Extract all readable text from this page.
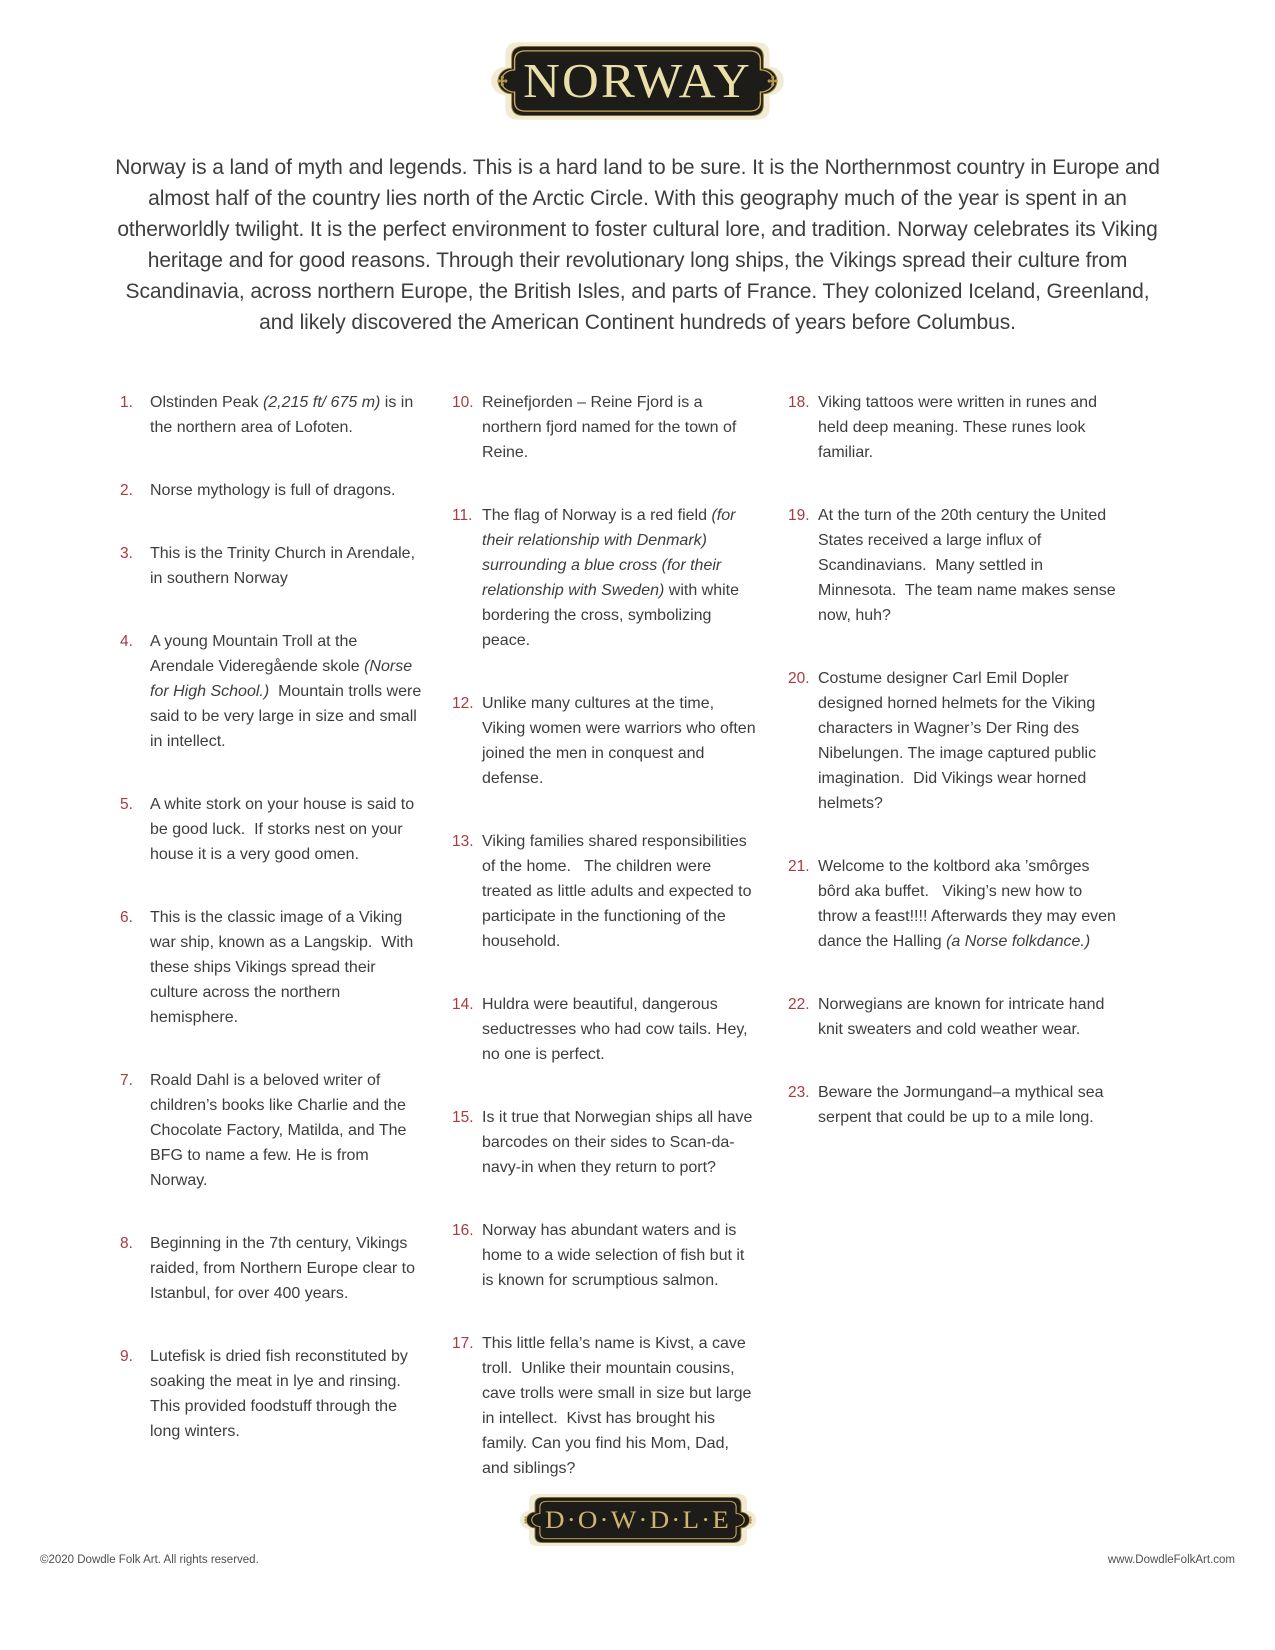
NORWAY

Norway is a land of myth and legends. This is a hard land to be sure. It is the Northernmost country in Europe and almost half of the country lies north of the Arctic Circle. With this geography much of the year is spent in an otherworldly twilight. It is the perfect environment to foster cultural lore, and tradition. Norway celebrates its Viking heritage and for good reasons. Through their revolutionary long ships, the Vikings spread their culture from Scandinavia, across northern Europe, the British Isles, and parts of France. They colonized Iceland, Greenland, and likely discovered the American Continent hundreds of years before Columbus.

1.	Olstinden Peak (2,215 ft/ 675 m) is in the northern area of Lofoten.
2.	Norse mythology is full of dragons.
3.	This is the Trinity Church in Arendale, in southern Norway
4.	A young Mountain Troll at the  Arendale Videregående skole (Norse for High School.)  Mountain trolls were said to be very large in size and small in intellect.
5.	A white stork on your house is said to be good luck.  If storks nest on your house it is a very good omen.
6.	This is the classic image of a Viking war ship, known as a Langskip.  With these ships Vikings spread their culture across the northern hemisphere.
7.	Roald Dahl is a beloved writer of children’s books like Charlie and the Chocolate Factory, Matilda, and The BFG to name a few. He is from Norway.
8.	Beginning in the 7th century, Vikings raided, from Northern Europe clear to Istanbul, for over 400 years.
9.	Lutefisk is dried fish reconstituted by soaking the meat in lye and rinsing.  This provided foodstuff through the long winters.
10. Reinefjorden – Reine Fjord is a northern fjord named for the town of Reine.
11. The flag of Norway is a red field (for their relationship with Denmark) surrounding a blue cross (for their relationship with Sweden) with white bordering the cross, symbolizing peace.
12. Unlike many cultures at the time, Viking women were warriors who often joined the men in conquest and defense.
13. Viking families shared responsibilities of the home.   The children were treated as little adults and expected to participate in the functioning of the household.
14. Huldra were beautiful, dangerous seductresses who had cow tails. Hey, no one is perfect.
15. Is it true that Norwegian ships all have barcodes on their sides to Scan-da-navy-in when they return to port?
16. Norway has abundant waters and is home to a wide selection of fish but it is known for scrumptious salmon.
17. This little fella’s name is Kivst, a cave troll.  Unlike their mountain cousins, cave trolls were small in size but large in intellect.  Kivst has brought his family. Can you find his Mom, Dad, and siblings?
18. Viking tattoos were written in runes and held deep meaning. These runes look familiar.
19. At the turn of the 20th century the United States received a large influx of Scandinavians.  Many settled in Minnesota.  The team name makes sense now, huh?
20. Costume designer Carl Emil Dopler designed horned helmets for the Viking characters in Wagner’s Der Ring des Nibelungen. The image captured public imagination.  Did Vikings wear horned helmets?
21. Welcome to the koltbord aka ’smôrges bôrd aka buffet.   Viking’s new how to throw a feast!!!! Afterwards they may even dance the Halling (a Norse folkdance.)
22. Norwegians are known for intricate hand knit sweaters and cold weather wear.
23. Beware the Jormungand–a mythical sea serpent that could be up to a mile long.
D·O·W·D·L·E
©2020 Dowdle Folk Art. All rights reserved.	www.DowdleFolkArt.com
